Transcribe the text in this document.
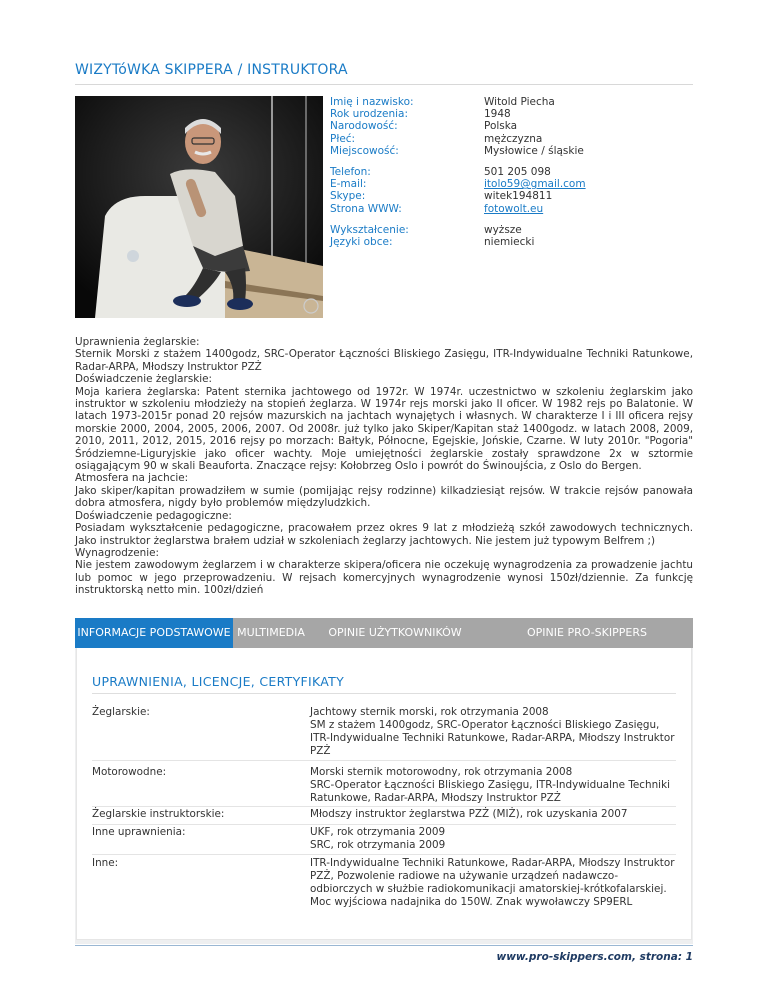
WIZYTóWKA SKIPPERA / INSTRUKTORA
Imię i nazwisko:	Witold Piecha
Rok urodzenia:	1948
Narodowość:	Polska
Płeć:	mężczyzna
Miejscowość:	Mysłowice / śląskie
Telefon:	501 205 098
E-mail:	itolo59@gmail.com
Skype:	witek194811
Strona WWW:	fotowolt.eu
Wykształcenie:	wyższe
Języki obce:	niemiecki

Uprawnienia żeglarskie:

Sternik Morski z stażem 1400godz, SRC-Operator Łączności Bliskiego Zasięgu, ITR-Indywidualne Techniki Ratunkowe, Radar-ARPA, Młodszy Instruktor PZŻ

Doświadczenie żeglarskie:

Moja kariera żeglarska: Patent sternika jachtowego od 1972r. W 1974r. uczestnictwo w szkoleniu żeglarskim jako instruktor w szkoleniu młodzieży na stopień żeglarza. W 1974r rejs morski jako II oficer. W 1982 rejs po Balatonie. W latach 1973-2015r ponad 20 rejsów mazurskich na jachtach wynajętych i własnych. W charakterze I i III oficera rejsy morskie 2000, 2004, 2005, 2006, 2007. Od 2008r. już tylko jako Skiper/Kapitan staż 1400godz. w latach 2008, 2009, 2010, 2011, 2012, 2015, 2016 rejsy po morzach: Bałtyk, Północne, Egejskie, Jońskie, Czarne. W luty 2010r. "Pogoria" Śródziemne-Liguryjskie jako oficer wachty. Moje umiejętności żeglarskie zostały sprawdzone 2x w sztormie osiągającym 90 w skali Beauforta. Znaczące rejsy: Kołobrzeg Oslo i powrót do Świnoujścia, z Oslo do Bergen.

Atmosfera na jachcie:

Jako skiper/kapitan prowadziłem w sumie (pomijając rejsy rodzinne) kilkadziesiąt rejsów. W trakcie rejsów panowała dobra atmosfera, nigdy było problemów międzyludzkich.

Doświadczenie pedagogiczne:

Posiadam wykształcenie pedagogiczne, pracowałem przez okres 9 lat z młodzieżą szkół zawodowych technicznych. Jako instruktor żeglarstwa brałem udział w szkoleniach żeglarzy jachtowych. Nie jestem już typowym Belfrem ;)

Wynagrodzenie:

Nie jestem zawodowym żeglarzem i w charakterze skipera/oficera nie oczekuję wynagrodzenia za prowadzenie jachtu lub pomoc w jego przeprowadzeniu. W rejsach komercyjnych wynagrodzenie wynosi 150zł/dziennie. Za funkcję instruktorską netto min. 100zł/dzień

INFORMACJE PODSTAWOWE MULTIMEDIA	OPINIE UŻYTKOWNIKÓW	OPINIE PRO-SKIPPERS
UPRAWNIENIA, LICENCJE, CERTYFIKATY
Żeglarskie:	Jachtowy sternik morski, rok otrzymania 2008
SM z stażem 1400godz, SRC-Operator Łączności Bliskiego Zasięgu, ITR-Indywidualne Techniki Ratunkowe, Radar-ARPA, Młodszy Instruktor PZŻ
Motorowodne:	Morski sternik motorowodny, rok otrzymania 2008
SRC-Operator Łączności Bliskiego Zasięgu, ITR-Indywidualne Techniki Ratunkowe, Radar-ARPA, Młodszy Instruktor PZŻ
Żeglarskie instruktorskie:	Młodszy instruktor żeglarstwa PZŻ (MIŻ), rok uzyskania 2007
Inne uprawnienia:	UKF, rok otrzymania 2009
SRC, rok otrzymania 2009
Inne:	ITR-Indywidualne Techniki Ratunkowe, Radar-ARPA, Młodszy Instruktor PZŻ, Pozwolenie radiowe na używanie urządzeń nadawczo-odbiorczych w służbie radiokomunikacji amatorskiej-krótkofalarskiej. Moc wyjściowa nadajnika do 150W. Znak wywoławczy SP9ERL
www.pro-skippers.com, strona: 1
